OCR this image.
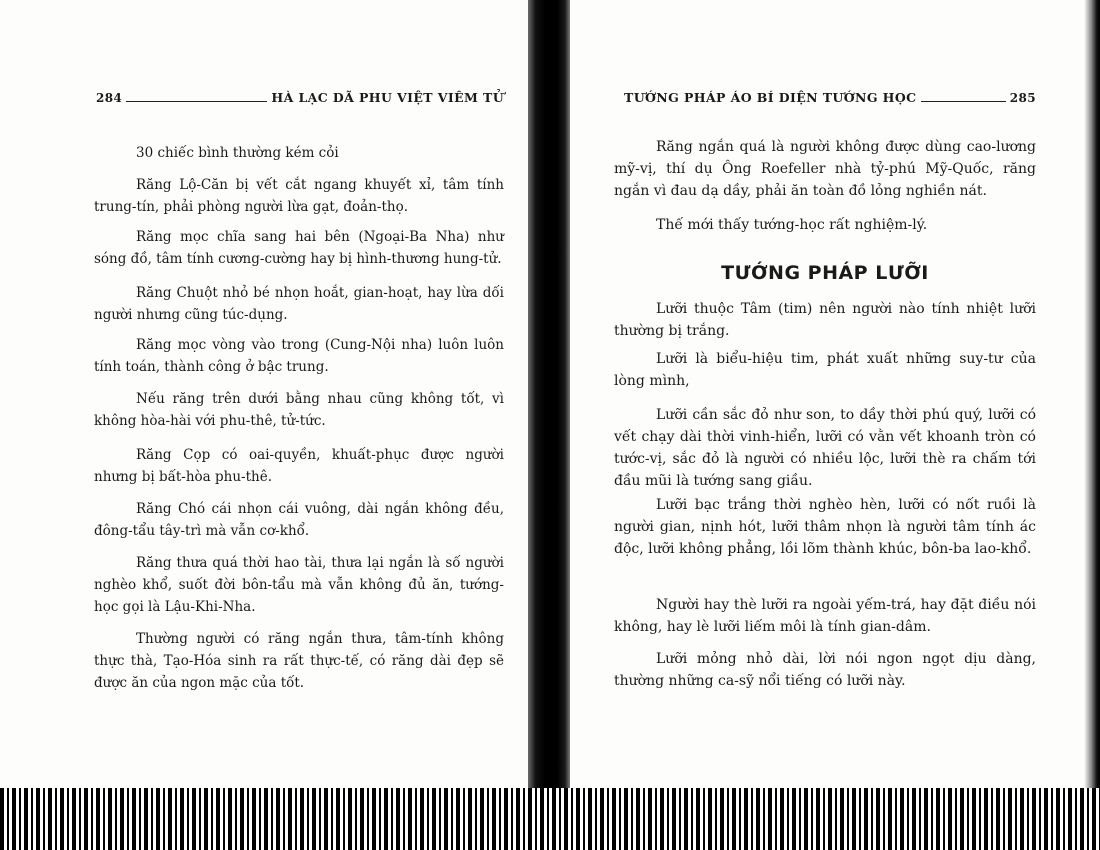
284	HÀ LẠC DÃ PHU VIỆT VIÊM TỬ

30 chiếc bình thường kém cỏi

Răng Lộ-Căn bị vết cắt ngang khuyết xỉ, tâm tính trung-tín, phải phòng người lừa gạt, đoản-thọ.

Răng mọc chĩa sang hai bên (Ngoại-Ba Nha) như sóng đồ, tâm tính cương-cường hay bị hình-thương hung-tử.

Răng Chuột nhỏ bé nhọn hoắt, gian-hoạt, hay lừa dối người nhưng cũng túc-dụng.

Răng mọc vòng vào trong (Cung-Nội nha) luôn luôn tính toán, thành công ở bậc trung.

Nếu răng trên dưới bằng nhau cũng không tốt, vì không hòa-hài với phu-thê, tử-tức.

Răng Cọp có oai-quyền, khuất-phục được người nhưng bị bất-hòa phu-thê.

Răng Chó cái nhọn cái vuông, dài ngắn không đều, đông-tẩu tây-trì mà vẫn cơ-khổ.

Răng thưa quá thời hao tài, thưa lại ngắn là số người nghèo khổ, suốt đời bôn-tẩu mà vẫn không đủ ăn, tướng-học gọi là Lậu-Khi-Nha.

Thường người có răng ngắn thưa, tâm-tính không thực thà, Tạo-Hóa sinh ra rất thực-tế, có răng dài đẹp sẽ được ăn của ngon mặc của tốt.

TƯỚNG PHÁP ÁO BÍ DIỆN TƯỚNG HỌC	285

Răng ngắn quá là người không được dùng cao-lương mỹ-vị, thí dụ Ông Roefeller nhà tỷ-phú Mỹ-Quốc, răng ngắn vì đau dạ dầy, phải ăn toàn đồ lỏng nghiền nát.

Thế mới thấy tướng-học rất nghiệm-lý.

TƯỚNG PHÁP LƯỠI

Lưỡi thuộc Tâm (tim) nên người nào tính nhiệt lưỡi thường bị trắng.

Lưỡi là biểu-hiệu tim, phát xuất những suy-tư của lòng mình,

Lưỡi cần sắc đỏ như son, to dầy thời phú quý, lưỡi có vết chạy dài thời vinh-hiển, lưỡi có vằn vết khoanh tròn có tước-vị, sắc đỏ là người có nhiều lộc, lưỡi thè ra chấm tới đầu mũi là tướng sang giầu.

Lưỡi bạc trắng thời nghèo hèn, lưỡi có nốt ruồi là người gian, nịnh hót, lưỡi thâm nhọn là người tâm tính ác độc, lưỡi không phẳng, lồi lõm thành khúc, bôn-ba lao-khổ.

Người hay thè lưỡi ra ngoài yếm-trá, hay đặt điều nói không, hay lè lưỡi liếm môi là tính gian-dâm.

Lưỡi mỏng nhỏ dài, lời nói ngon ngọt dịu dàng, thường những ca-sỹ nổi tiếng có lưỡi này.
